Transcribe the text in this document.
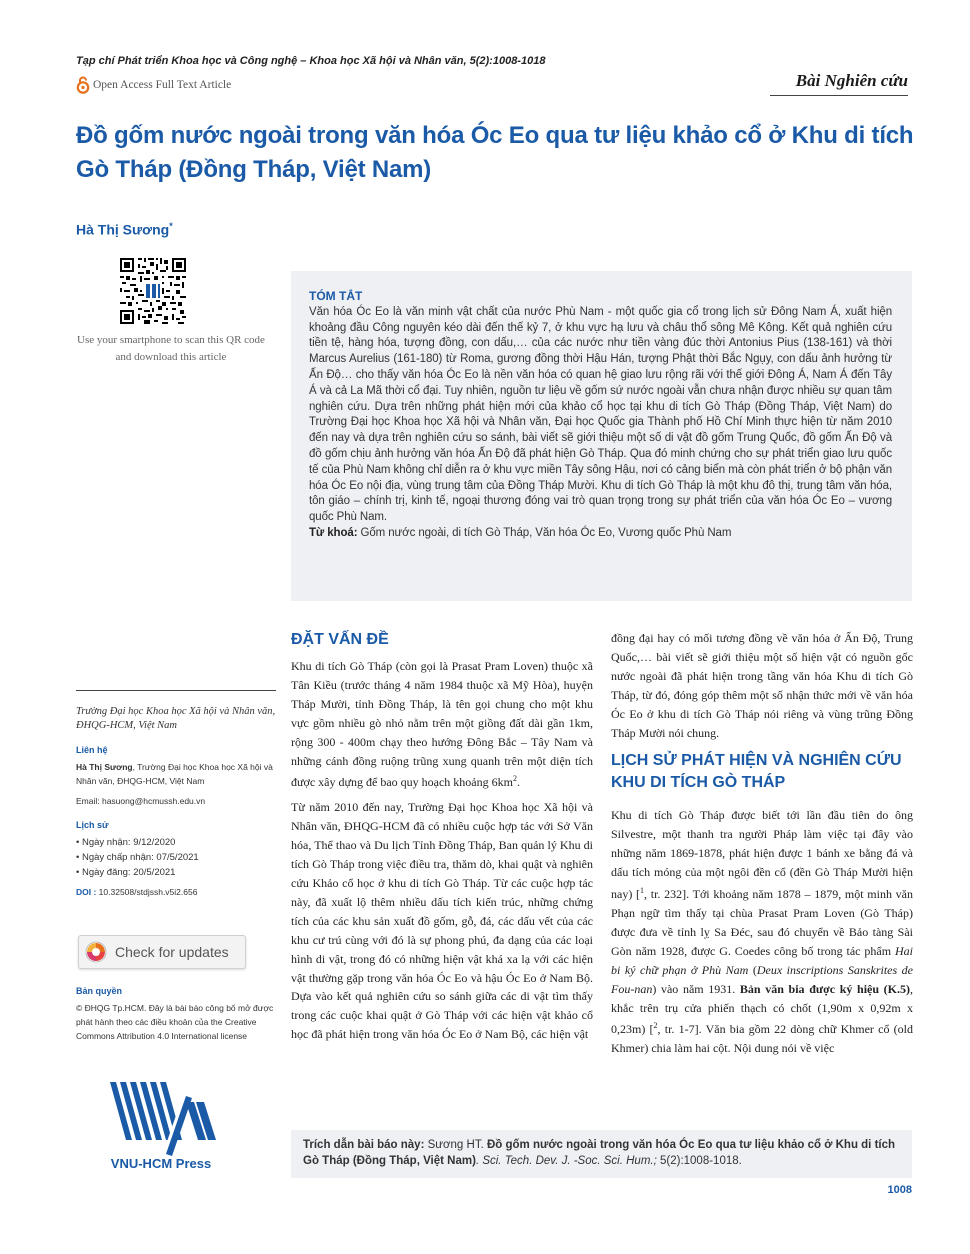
Tạp chí Phát triển Khoa học và Công nghệ – Khoa học Xã hội và Nhân văn, 5(2):1008-1018
Open Access Full Text Article	Bài Nghiên cứu
Đồ gốm nước ngoài trong văn hóa Óc Eo qua tư liệu khảo cổ ở Khu di tích Gò Tháp (Đồng Tháp, Việt Nam)
Hà Thị Sương*
Use your smartphone to scan this QR code and download this article
TÓM TẮT
Văn hóa Óc Eo là văn minh vật chất của nước Phù Nam - một quốc gia cổ trong lịch sử Đông Nam Á, xuất hiện khoảng đầu Công nguyên kéo dài đến thế kỷ 7, ở khu vực hạ lưu và châu thổ sông Mê Kông. Kết quả nghiên cứu tiền tệ, hàng hóa, tượng đồng, con dấu,… của các nước như tiền vàng đúc thời Antonius Pius (138-161) và thời Marcus Aurelius (161-180) từ Roma, gương đồng thời Hậu Hán, tượng Phật thời Bắc Ngụy, con dấu ảnh hưởng từ Ấn Độ… cho thấy văn hóa Óc Eo là nền văn hóa có quan hệ giao lưu rộng rãi với thế giới Đông Á, Nam Á đến Tây Á và cả La Mã thời cổ đại. Tuy nhiên, nguồn tư liệu về gốm sứ nước ngoài vẫn chưa nhận được nhiều sự quan tâm nghiên cứu. Dựa trên những phát hiện mới của khảo cổ học tại khu di tích Gò Tháp (Đồng Tháp, Việt Nam) do Trường Đại học Khoa học Xã hội và Nhân văn, Đại học Quốc gia Thành phố Hồ Chí Minh thực hiện từ năm 2010 đến nay và dựa trên nghiên cứu so sánh, bài viết sẽ giới thiệu một số di vật đồ gốm Trung Quốc, đồ gốm Ấn Độ và đồ gốm chịu ảnh hưởng văn hóa Ấn Độ đã phát hiện Gò Tháp. Qua đó minh chứng cho sự phát triển giao lưu quốc tế của Phù Nam không chỉ diễn ra ở khu vực miền Tây sông Hậu, nơi có cảng biển mà còn phát triển ở bộ phận văn hóa Óc Eo nội địa, vùng trung tâm của Đồng Tháp Mười. Khu di tích Gò Tháp là một khu đô thị, trung tâm văn hóa, tôn giáo – chính trị, kinh tế, ngoại thương đóng vai trò quan trọng trong sự phát triển của văn hóa Óc Eo – vương quốc Phù Nam.
Từ khoá: Gốm nước ngoài, di tích Gò Tháp, Văn hóa Óc Eo, Vương quốc Phù Nam
Trường Đại học Khoa học Xã hội và Nhân văn, ĐHQG-HCM, Việt Nam
Liên hệ
Hà Thị Sương, Trường Đại học Khoa học Xã hội và Nhân văn, ĐHQG-HCM, Việt Nam
Email: hasuong@hcmussh.edu.vn
Lịch sử
• Ngày nhận: 9/12/2020
• Ngày chấp nhận: 07/5/2021
• Ngày đăng: 20/5/2021
DOI : 10.32508/stdjssh.v5i2.656
Check for updates
Bản quyền
© ĐHQG Tp.HCM. Đây là bài báo công bố mở được phát hành theo các điều khoản của the Creative Commons Attribution 4.0 International license
VNU-HCM Press
ĐẶT VẤN ĐỀ

Khu di tích Gò Tháp (còn gọi là Prasat Pram Loven) thuộc xã Tân Kiều (trước tháng 4 năm 1984 thuộc xã Mỹ Hòa), huyện Tháp Mười, tỉnh Đồng Tháp, là tên gọi chung cho một khu vực gồm nhiều gò nhỏ nằm trên một giồng đất dài gần 1km, rộng 300 - 400m chạy theo hướng Đông Bắc – Tây Nam và những cánh đồng ruộng trũng xung quanh trên một diện tích được xây dựng để bao quy hoạch khoảng $6km^2$.

Từ năm 2010 đến nay, Trường Đại học Khoa học Xã hội và Nhân văn, ĐHQG-HCM đã có nhiều cuộc hợp tác với Sở Văn hóa, Thể thao và Du lịch Tỉnh Đồng Tháp, Ban quản lý Khu di tích Gò Tháp trong việc điều tra, thăm dò, khai quật và nghiên cứu Khảo cổ học ở khu di tích Gò Tháp. Từ các cuộc hợp tác này, đã xuất lộ thêm nhiều dấu tích kiến trúc, những chứng tích của các khu sản xuất đồ gốm, gỗ, đá, các dấu vết của các khu cư trú cùng với đó là sự phong phú, đa dạng của các loại hình di vật, trong đó có những hiện vật khá xa lạ với các hiện vật thường gặp trong văn hóa Óc Eo và hậu Óc Eo ở Nam Bộ. Dựa vào kết quả nghiên cứu so sánh giữa các di vật tìm thấy trong các cuộc khai quật ở Gò Tháp với các hiện vật khảo cổ học đã phát hiện trong văn hóa Óc Eo ở Nam Bộ, các hiện vật

đồng đại hay có mối tương đồng về văn hóa ở Ấn Độ, Trung Quốc,… bài viết sẽ giới thiệu một số hiện vật có nguồn gốc nước ngoài đã phát hiện trong tầng văn hóa Khu di tích Gò Tháp, từ đó, đóng góp thêm một số nhận thức mới về văn hóa Óc Eo ở khu di tích Gò Tháp nói riêng và vùng trũng Đồng Tháp Mười nói chung.

LỊCH SỬ PHÁT HIỆN VÀ NGHIÊN CỨU KHU DI TÍCH GÒ THÁP

Khu di tích Gò Tháp được biết tới lần đầu tiên do ông Silvestre, một thanh tra người Pháp làm việc tại đây vào những năm 1869-1878, phát hiện được 1 bánh xe bằng đá và dấu tích móng của một ngôi đền cổ (đền Gò Tháp Mười hiện nay) [$^1$, tr. 232]. Tới khoảng năm 1878 – 1879, một minh văn Phạn ngữ tìm thấy tại chùa Prasat Pram Loven (Gò Tháp) được đưa về tỉnh lỵ Sa Đéc, sau đó chuyển về Bảo tàng Sài Gòn năm 1928, được G. Coedes công bố trong tác phẩm Hai bi ký chữ phạn ở Phù Nam (Deux inscriptions Sanskrites de Fou-nan) vào năm 1931. Bản văn bia được ký hiệu (K.5), khắc trên trụ cửa phiến thạch có chốt (1,90m x 0,92m x 0,23m) [$^2$, tr. 1-7]. Văn bia gồm 22 dòng chữ Khmer cổ (old Khmer) chia làm hai cột. Nội dung nói về việc

Trích dẫn bài báo này: Sương HT. Đồ gốm nước ngoài trong văn hóa Óc Eo qua tư liệu khảo cổ ở Khu di tích Gò Tháp (Đồng Tháp, Việt Nam). Sci. Tech. Dev. J. -Soc. Sci. Hum.; 5(2):1008-1018.
1008
